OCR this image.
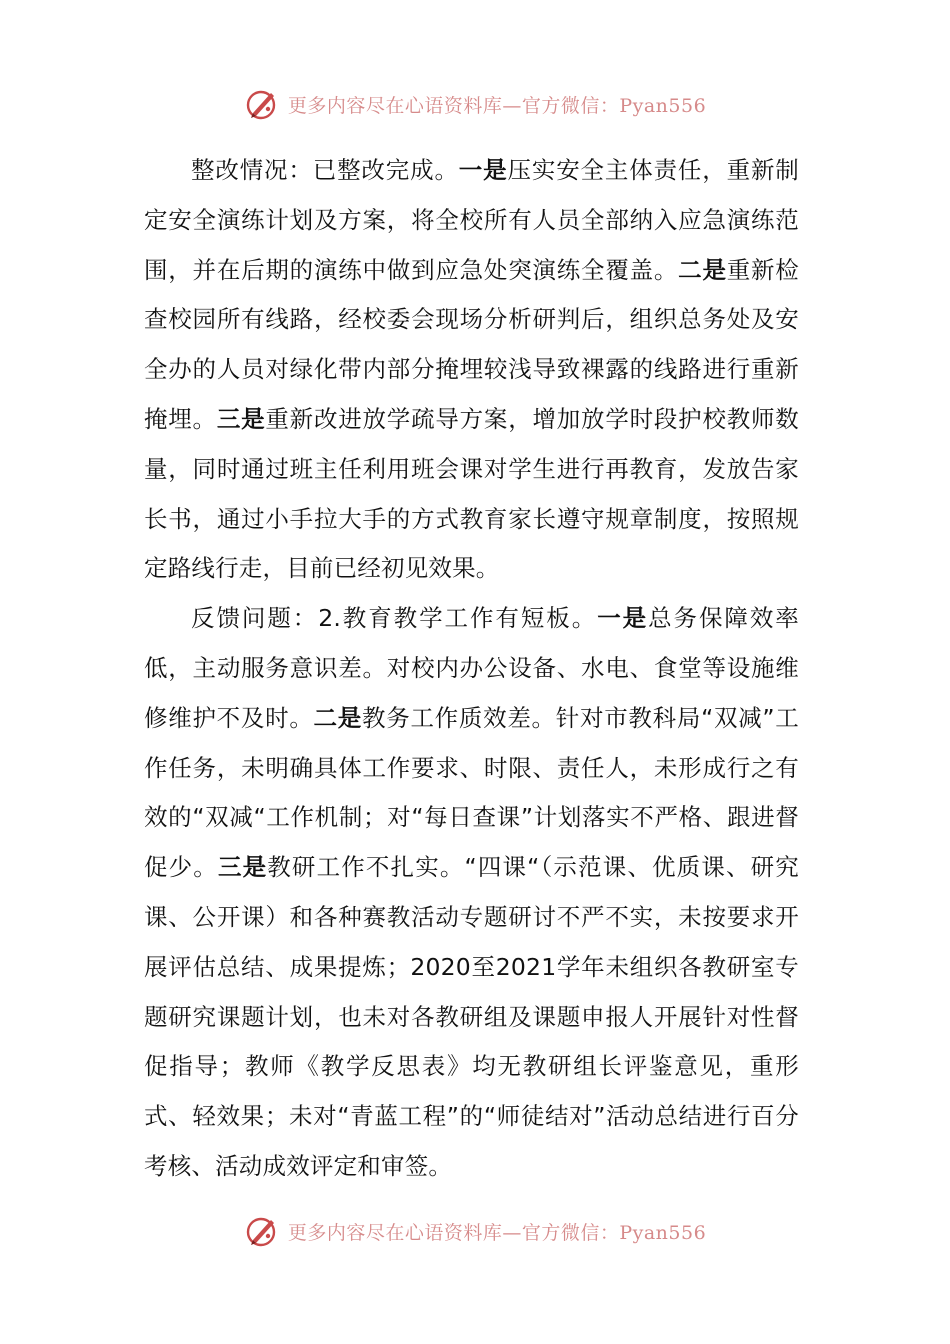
更多内容尽在心语资料库—官方微信：Pyan556

整改情况：已整改完成。一是压实安全主体责任，重新制定安全演练计划及方案，将全校所有人员全部纳入应急演练范围，并在后期的演练中做到应急处突演练全覆盖。二是重新检查校园所有线路，经校委会现场分析研判后，组织总务处及安全办的人员对绿化带内部分掩埋较浅导致裸露的线路进行重新掩埋。三是重新改进放学疏导方案，增加放学时段护校教师数量，同时通过班主任利用班会课对学生进行再教育，发放告家长书，通过小手拉大手的方式教育家长遵守规章制度，按照规定路线行走，目前已经初见效果。

反馈问题：2.教育教学工作有短板。一是总务保障效率低，主动服务意识差。对校内办公设备、水电、食堂等设施维修维护不及时。二是教务工作质效差。针对市教科局“双减”工作任务，未明确具体工作要求、时限、责任人，未形成行之有效的“双减“工作机制；对“每日查课”计划落实不严格、跟进督促少。三是教研工作不扎实。“四课“（示范课、优质课、研究课、公开课）和各种赛教活动专题研讨不严不实，未按要求开展评估总结、成果提炼；2020至2021学年未组织各教研室专题研究课题计划，也未对各教研组及课题申报人开展针对性督促指导；教师《教学反思表》均无教研组长评鉴意见，重形式、轻效果；未对“青蓝工程”的“师徒结对”活动总结进行百分考核、活动成效评定和审签。

更多内容尽在心语资料库—官方微信：Pyan556
